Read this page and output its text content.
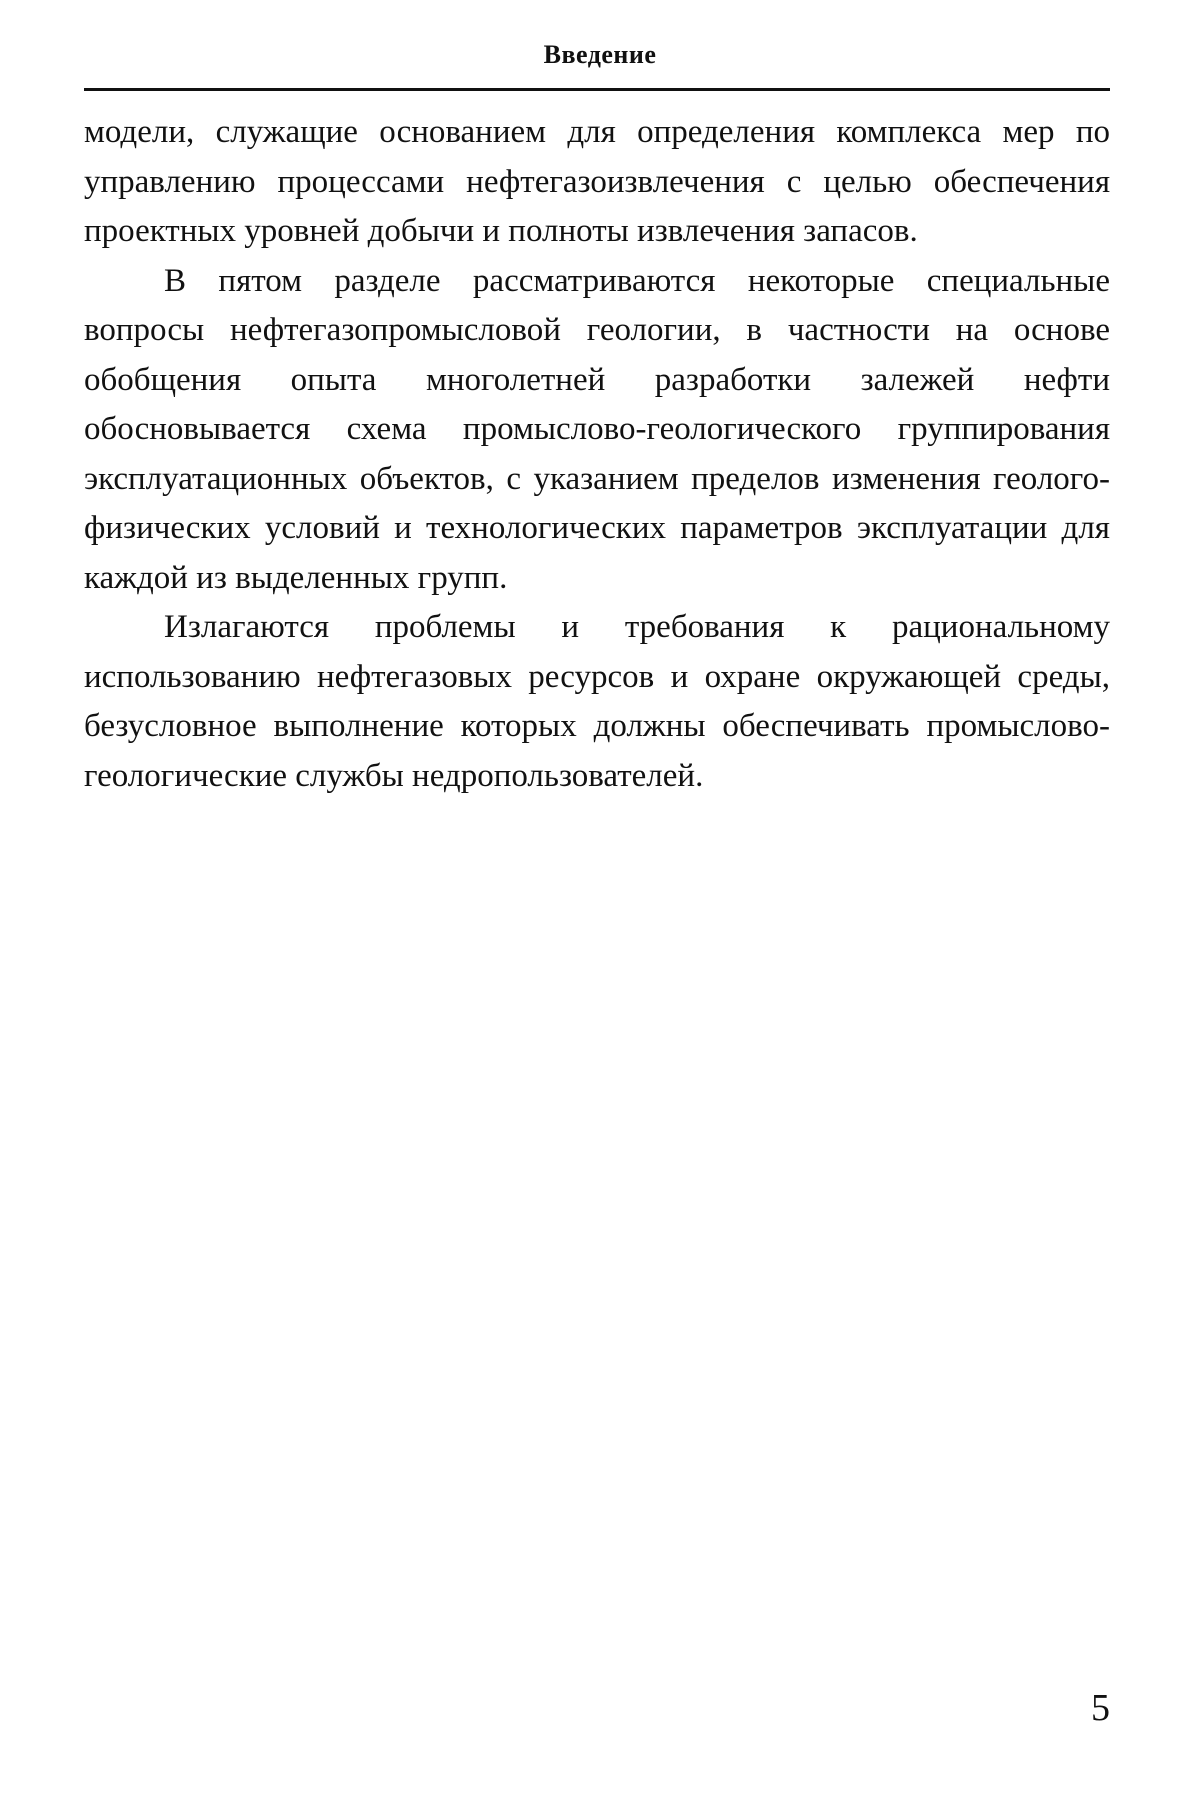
Введение

модели, служащие основанием для определения комплекса мер по управлению процессами нефтегазоизвлечения с целью обеспечения проектных уровней добычи и полноты извлечения запасов.

В пятом разделе рассматриваются некоторые специальные вопросы нефтегазопромысловой геологии, в частности на основе обобщения опыта многолетней разработки залежей нефти обосновывается схема промыслово-геологического группирования эксплуатационных объектов, с указанием пределов изменения геолого-физических условий и технологических параметров эксплуатации для каждой из выделенных групп.

Излагаются проблемы и требования к рациональному использованию нефтегазовых ресурсов и охране окружающей среды, безусловное выполнение которых должны обеспечивать промыслово-геологические службы недропользователей.

5
